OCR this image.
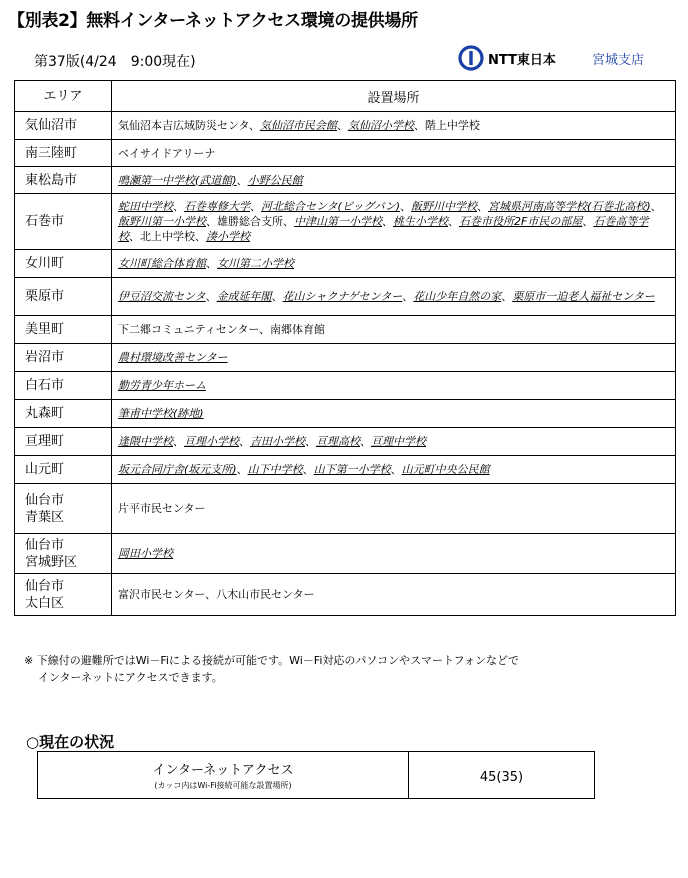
【別表2】無料インターネットアクセス環境の提供場所
第37版(4/24　9:00現在)	NTT東日本	宮城支店
エリア	設置場所

気仙沼市	気仙沼本吉広域防災センタ、気仙沼市民会館、気仙沼小学校、階上中学校

南三陸町	ベイサイドアリーナ

東松島市	鳴瀬第一中学校(武道館)、小野公民館

石巻市	蛇田中学校、石巻専修大学、河北総合センタ(ビッグバン)、飯野川中学校、宮城県河南高等学校(石巻北高校)、飯野川第一小学校、雄勝総合支所、中津山第一小学校、桃生小学校、石巻市役所2F市民の部屋、石巻高等学校、北上中学校、湊小学校

女川町	女川町総合体育館、女川第二小学校

栗原市	伊豆沼交流センタ、金成延年閣、花山シャクナゲセンター、花山少年自然の家、栗原市一迫老人福祉センター

美里町	下二郷コミュニティセンター、南郷体育館

岩沼市	農村環境改善センター

白石市	勤労青少年ホーム

丸森町	筆甫中学校(跡地)

亘理町	逢隈中学校、亘理小学校、吉田小学校、亘理高校、亘理中学校

山元町	坂元合同庁舎(坂元支所)、山下中学校、山下第一小学校、山元町中央公民館

仙台市
青葉区	片平市民センター

仙台市
宮城野区	岡田小学校

仙台市
太白区	富沢市民センター、八木山市民センター
※ 下線付の避難所ではWi－Fiによる接続が可能です。Wi－Fi対応のパソコンやスマートフォンなどで
インターネットにアクセスできます。
○現在の状況
インターネットアクセス
(カッコ内はWi-Fi接続可能な設置場所)
	45(35)
